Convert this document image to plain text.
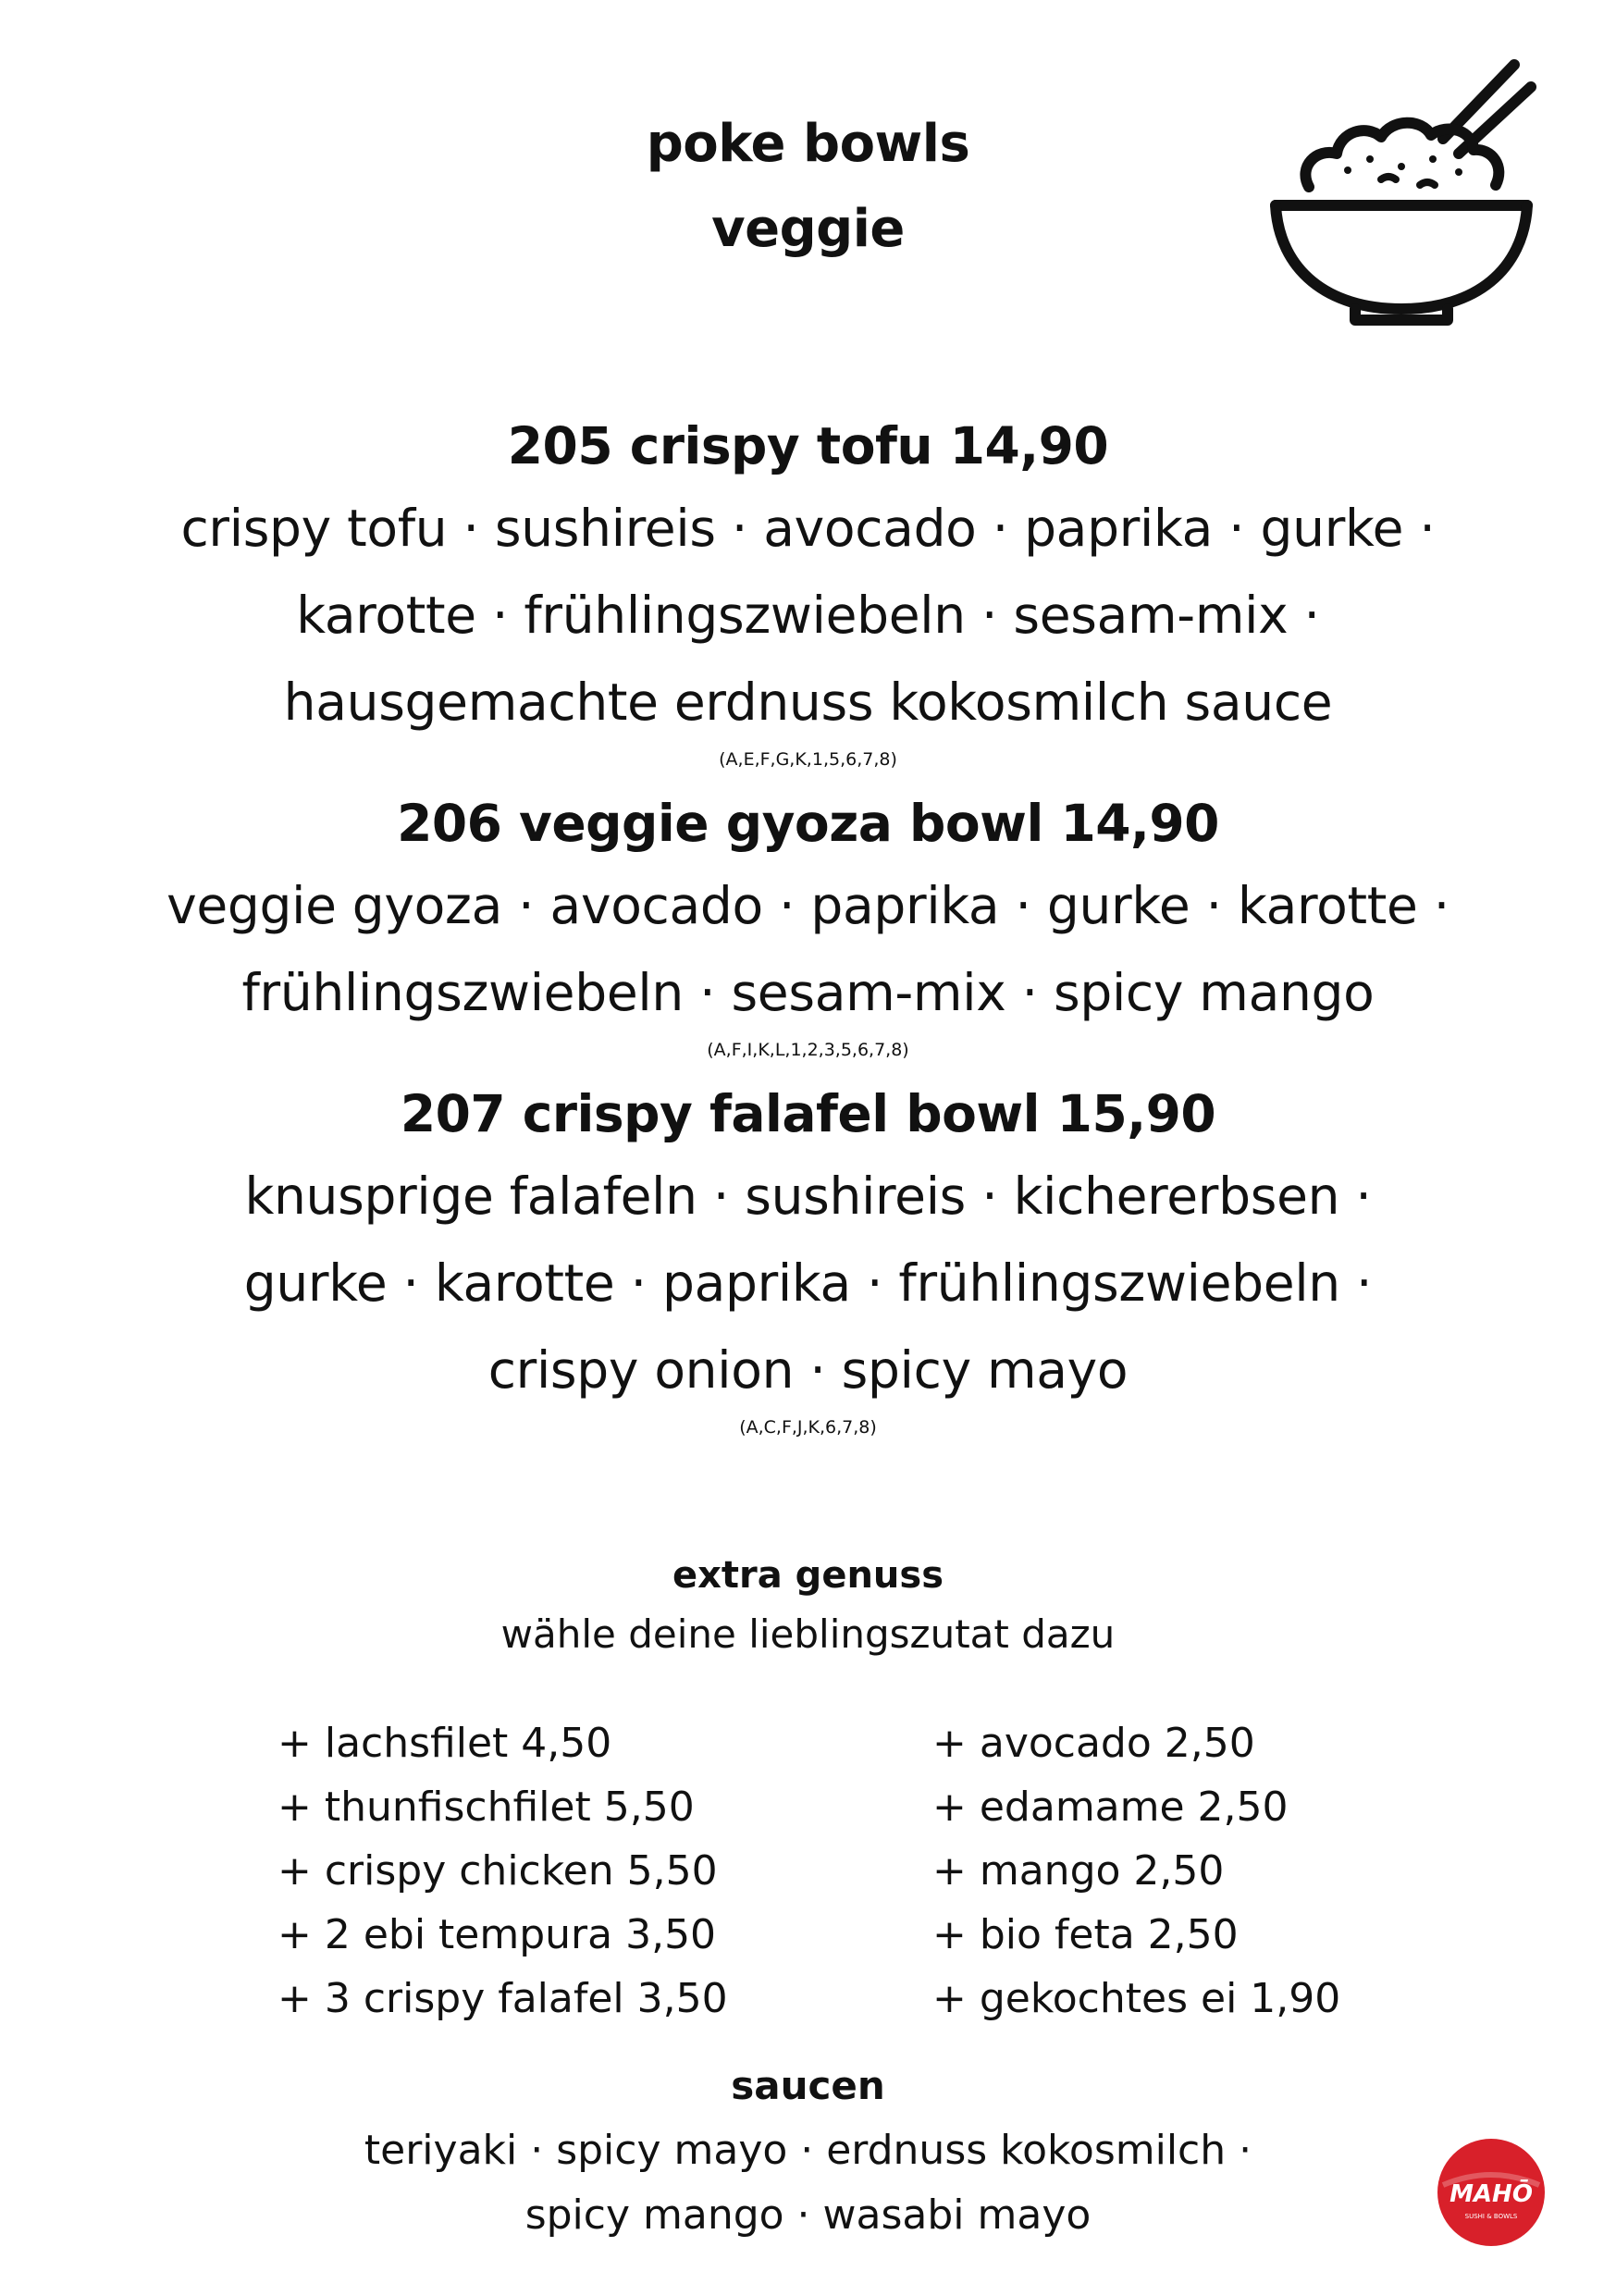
poke bowls
veggie
205 crispy tofu 14,90
crispy tofu · sushireis · avocado · paprika · gurke ·
karotte · frühlingszwiebeln · sesam-mix ·
hausgemachte erdnuss kokosmilch sauce
(A,E,F,G,K,1,5,6,7,8)
206 veggie gyoza bowl 14,90
veggie gyoza · avocado · paprika · gurke · karotte ·
frühlingszwiebeln · sesam-mix · spicy mango
(A,F,I,K,L,1,2,3,5,6,7,8)
207 crispy falafel bowl 15,90
knusprige falafeln · sushireis · kichererbsen ·
gurke · karotte · paprika · frühlingszwiebeln ·
crispy onion · spicy mayo
(A,C,F,J,K,6,7,8)
extra genuss
wähle deine lieblingszutat dazu
+ lachsfilet 4,50
+ thunfischfilet 5,50
+ crispy chicken 5,50
+ 2 ebi tempura 3,50
+ 3 crispy falafel 3,50
+ avocado 2,50
+ edamame 2,50
+ mango 2,50
+ bio feta 2,50
+ gekochtes ei 1,90
saucen
teriyaki · spicy mayo · erdnuss kokosmilch ·
spicy mango · wasabi mayo	MAHŌ
SUSHI & BOWLS
